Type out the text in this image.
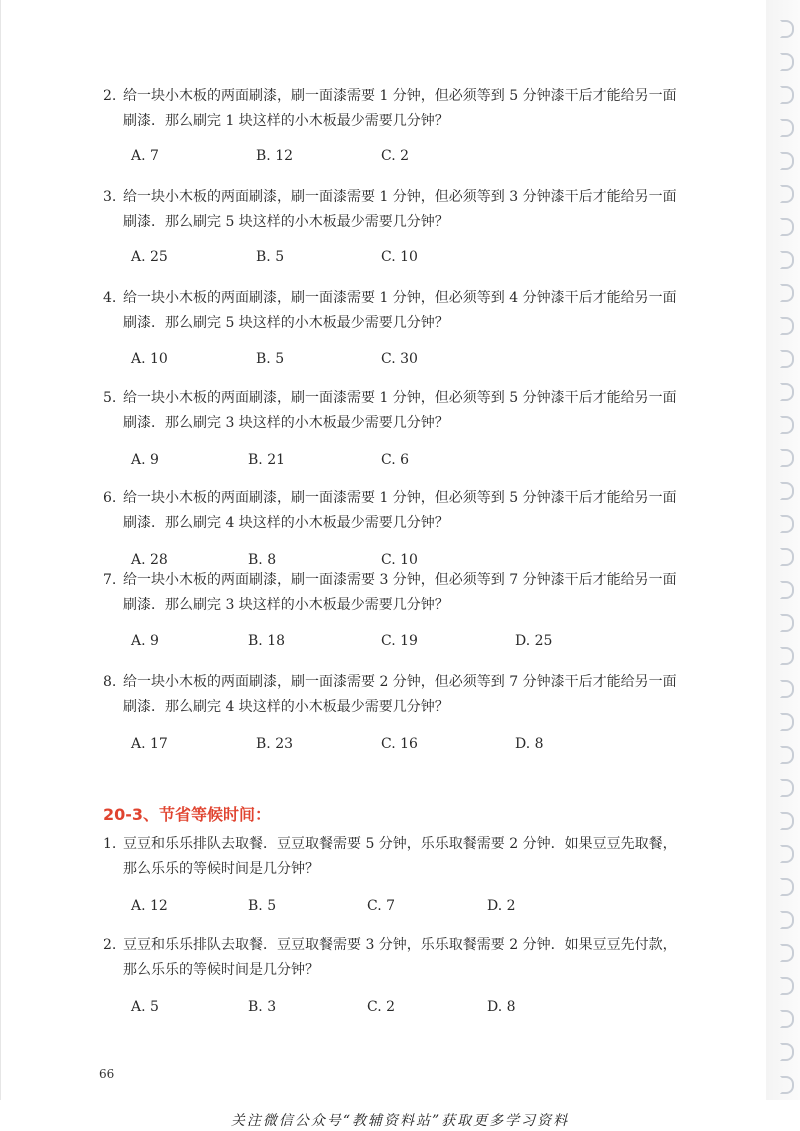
2. 给一块小木板的两面刷漆，刷一面漆需要 1 分钟，但必须等到 5 分钟漆干后才能给另一面
刷漆．那么刷完 1 块这样的小木板最少需要几分钟？
A. 7	B. 12	C. 2
3. 给一块小木板的两面刷漆，刷一面漆需要 1 分钟，但必须等到 3 分钟漆干后才能给另一面
刷漆．那么刷完 5 块这样的小木板最少需要几分钟？
A. 25	B. 5	C. 10
4. 给一块小木板的两面刷漆，刷一面漆需要 1 分钟，但必须等到 4 分钟漆干后才能给另一面
刷漆．那么刷完 5 块这样的小木板最少需要几分钟？
A. 10	B. 5	C. 30
5. 给一块小木板的两面刷漆，刷一面漆需要 1 分钟，但必须等到 5 分钟漆干后才能给另一面
刷漆．那么刷完 3 块这样的小木板最少需要几分钟？
A. 9	B. 21	C. 6
6. 给一块小木板的两面刷漆，刷一面漆需要 1 分钟，但必须等到 5 分钟漆干后才能给另一面
刷漆．那么刷完 4 块这样的小木板最少需要几分钟？
A. 28	B. 8	C. 10
7. 给一块小木板的两面刷漆，刷一面漆需要 3 分钟，但必须等到 7 分钟漆干后才能给另一面
刷漆．那么刷完 3 块这样的小木板最少需要几分钟？
A. 9	B. 18	C. 19	D. 25
8. 给一块小木板的两面刷漆，刷一面漆需要 2 分钟，但必须等到 7 分钟漆干后才能给另一面
刷漆．那么刷完 4 块这样的小木板最少需要几分钟？
A. 17	B. 23	C. 16	D. 8
20-3、节省等候时间：
1. 豆豆和乐乐排队去取餐．豆豆取餐需要 5 分钟，乐乐取餐需要 2 分钟．如果豆豆先取餐，
那么乐乐的等候时间是几分钟？
A. 12	B. 5	C. 7	D. 2
2. 豆豆和乐乐排队去取餐．豆豆取餐需要 3 分钟，乐乐取餐需要 2 分钟．如果豆豆先付款，
那么乐乐的等候时间是几分钟？
A. 5	B. 3	C. 2	D. 8
66
关注微信公众号“教辅资料站”获取更多学习资料
